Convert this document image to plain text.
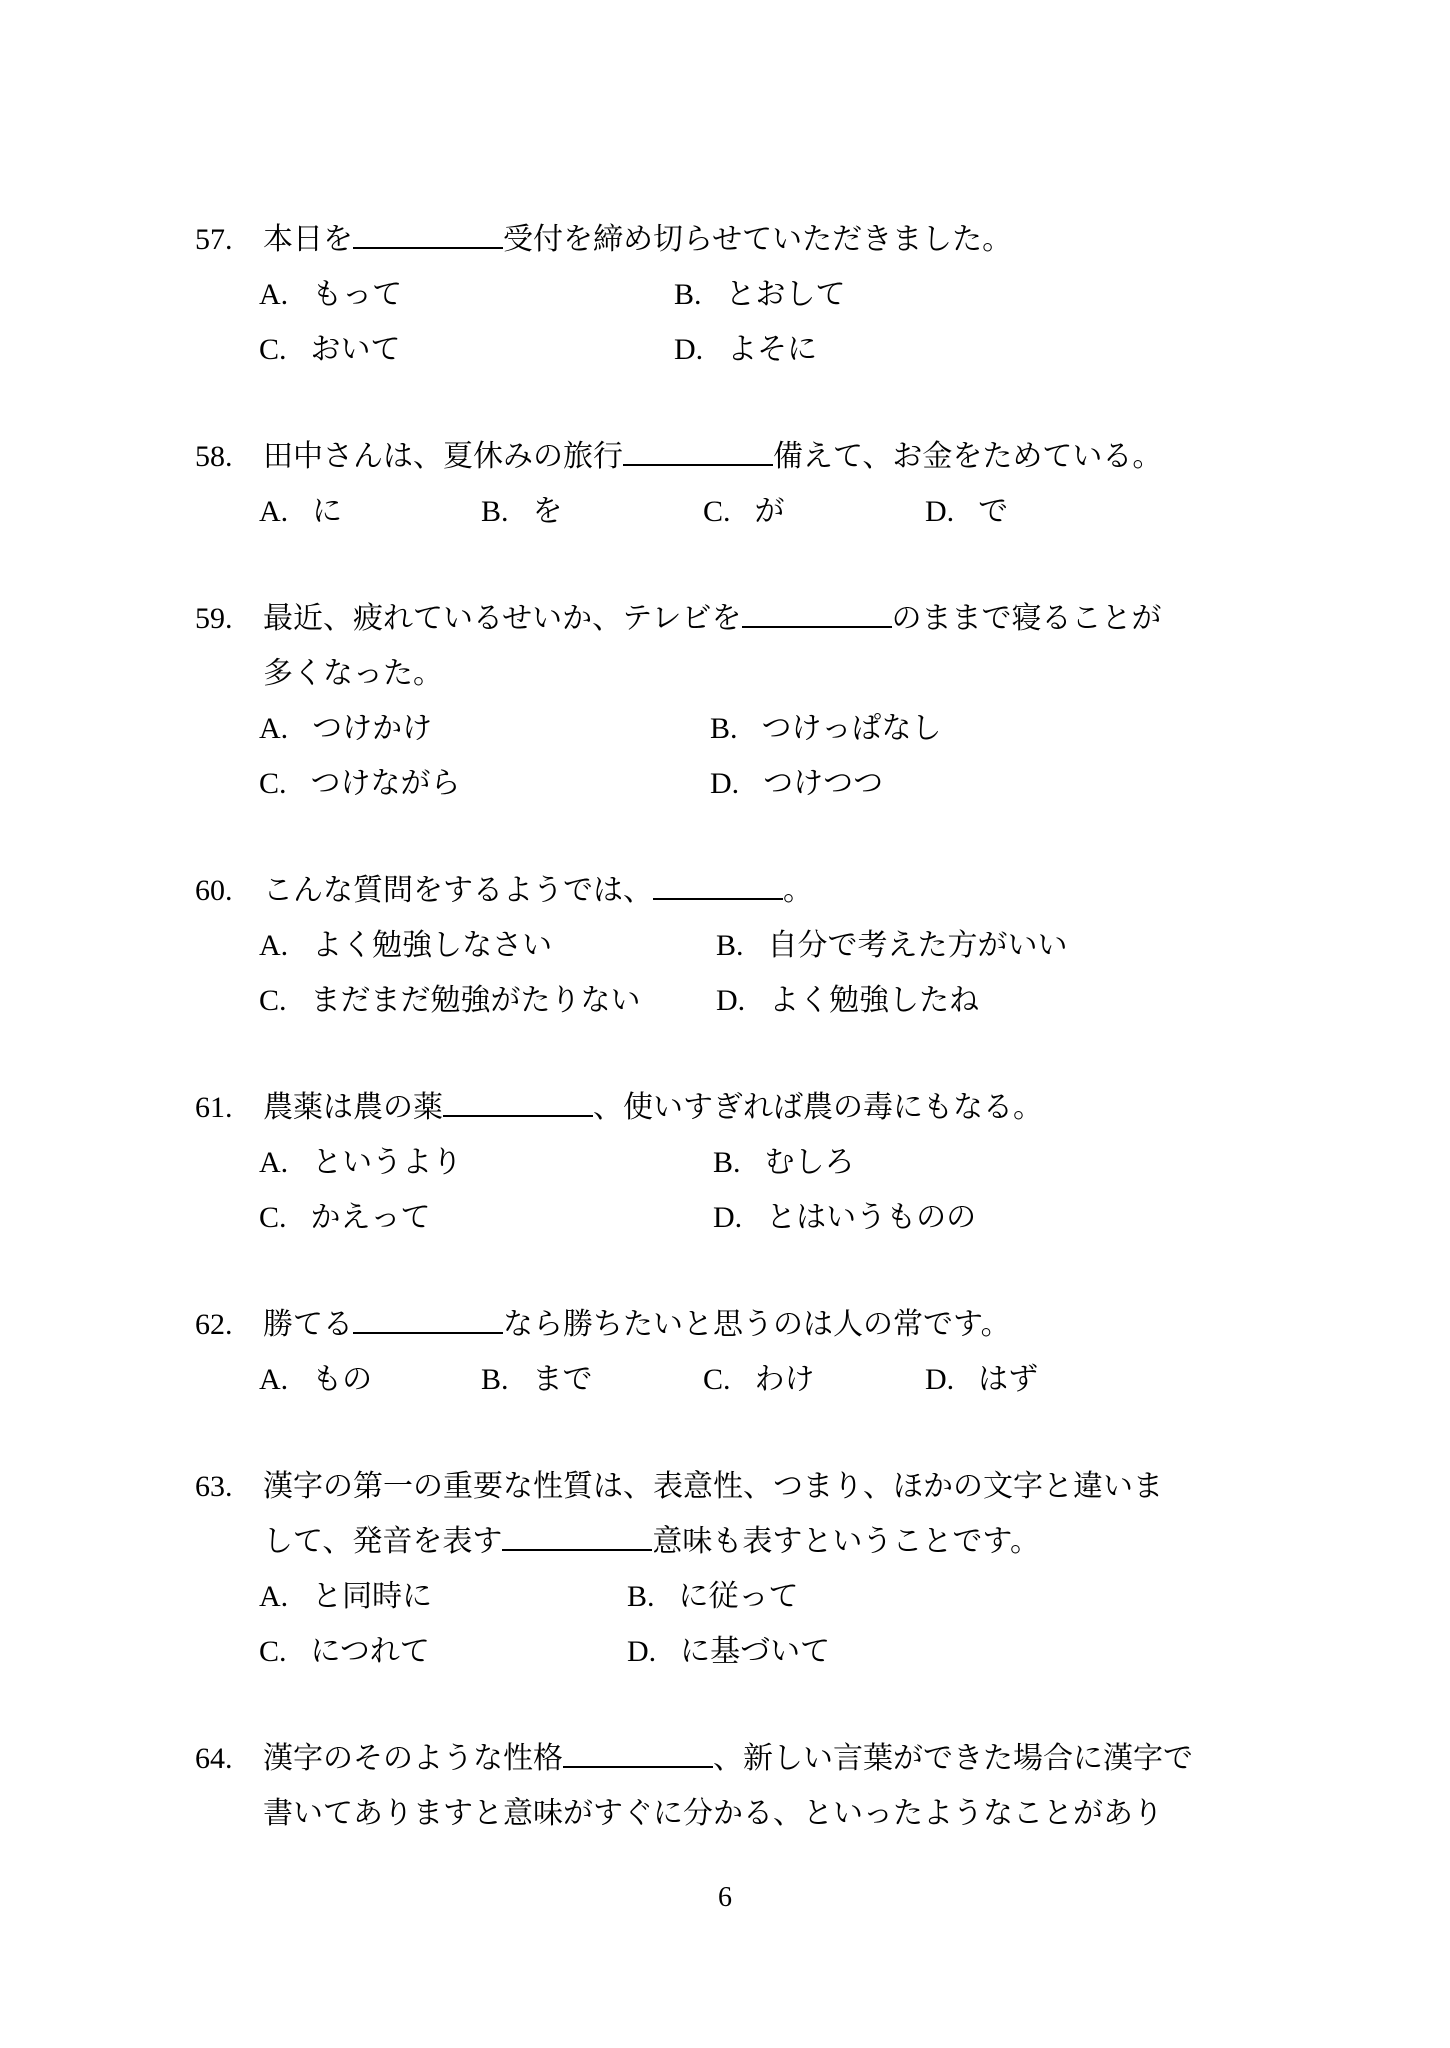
57. 本日を	受付を締め切らせていただきました。
A. もって	B. とおして
C. おいて	D. よそに
58. 田中さんは、夏休みの旅行	備えて、お金をためている。
A. に	B. を	C. が	D. で
59. 最近、疲れているせいか、テレビを	のままで寝ることが
多くなった。
A. つけかけ	B. つけっぱなし
C. つけながら	D. つけつつ
60. こんな質問をするようでは、	。
A. よく勉強しなさい	B. 自分で考えた方がいい
C. まだまだ勉強がたりない	D. よく勉強したね
61. 農薬は農の薬	、使いすぎれば農の毒にもなる。
A. というより	B. むしろ
C. かえって	D. とはいうものの
62. 勝てる	なら勝ちたいと思うのは人の常です。
A. もの	B. まで	C. わけ	D. はず
63. 漢字の第一の重要な性質は、表意性、つまり、ほかの文字と違いま
して、発音を表す	意味も表すということです。
A. と同時に	B. に従って
C. につれて	D. に基づいて
64. 漢字のそのような性格	、新しい言葉ができた場合に漢字で
書いてありますと意味がすぐに分かる、といったようなことがあり
6
